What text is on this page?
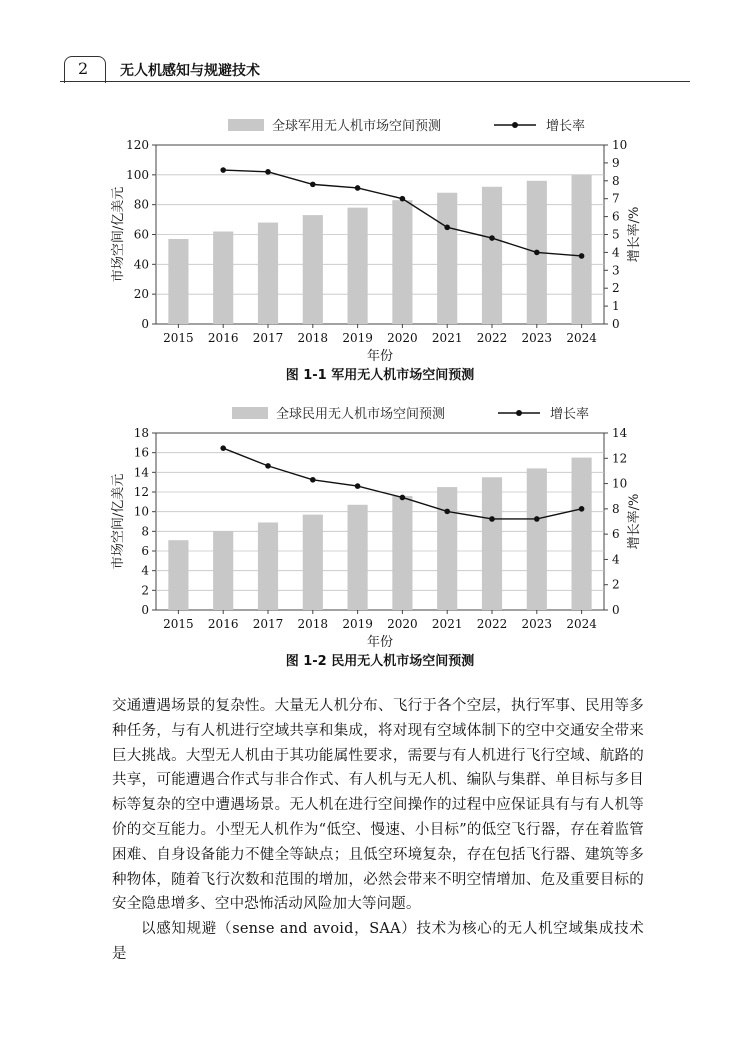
2 无人机感知与规避技术
全球军用无人机市场空间预测	增长率
0
20
40
60
80
100
120
0
1
2
3
4
5
6
7
8
9
10
2015 2016 2017 2018 2019 2020 2021 2022 2023 2024
市场空间/亿美元	增长率/%
年份
图 1-1 军用无人机市场空间预测
全球民用无人机市场空间预测	增长率
0
2
4
6
8
10
12
14
16
18
0
2
4
6
8
10
12
14
2015 2016 2017 2018 2019 2020 2021 2022 2023 2024
市场空间/亿美元	增长率/%
年份
图 1-2 民用无人机市场空间预测

交通遭遇场景的复杂性。大量无人机分布、飞行于各个空层，执行军事、民用等多种任务，与有人机进行空域共享和集成，将对现有空域体制下的空中交通安全带来巨大挑战。大型无人机由于其功能属性要求，需要与有人机进行飞行空域、航路的共享，可能遭遇合作式与非合作式、有人机与无人机、编队与集群、单目标与多目标等复杂的空中遭遇场景。无人机在进行空间操作的过程中应保证具有与有人机等价的交互能力。小型无人机作为“低空、慢速、小目标”的低空飞行器，存在着监管困难、自身设备能力不健全等缺点；且低空环境复杂，存在包括飞行器、建筑等多种物体，随着飞行次数和范围的增加，必然会带来不明空情增加、危及重要目标的安全隐患增多、空中恐怖活动风险加大等问题。

以感知规避（sense and avoid，SAA）技术为核心的无人机空域集成技术是
